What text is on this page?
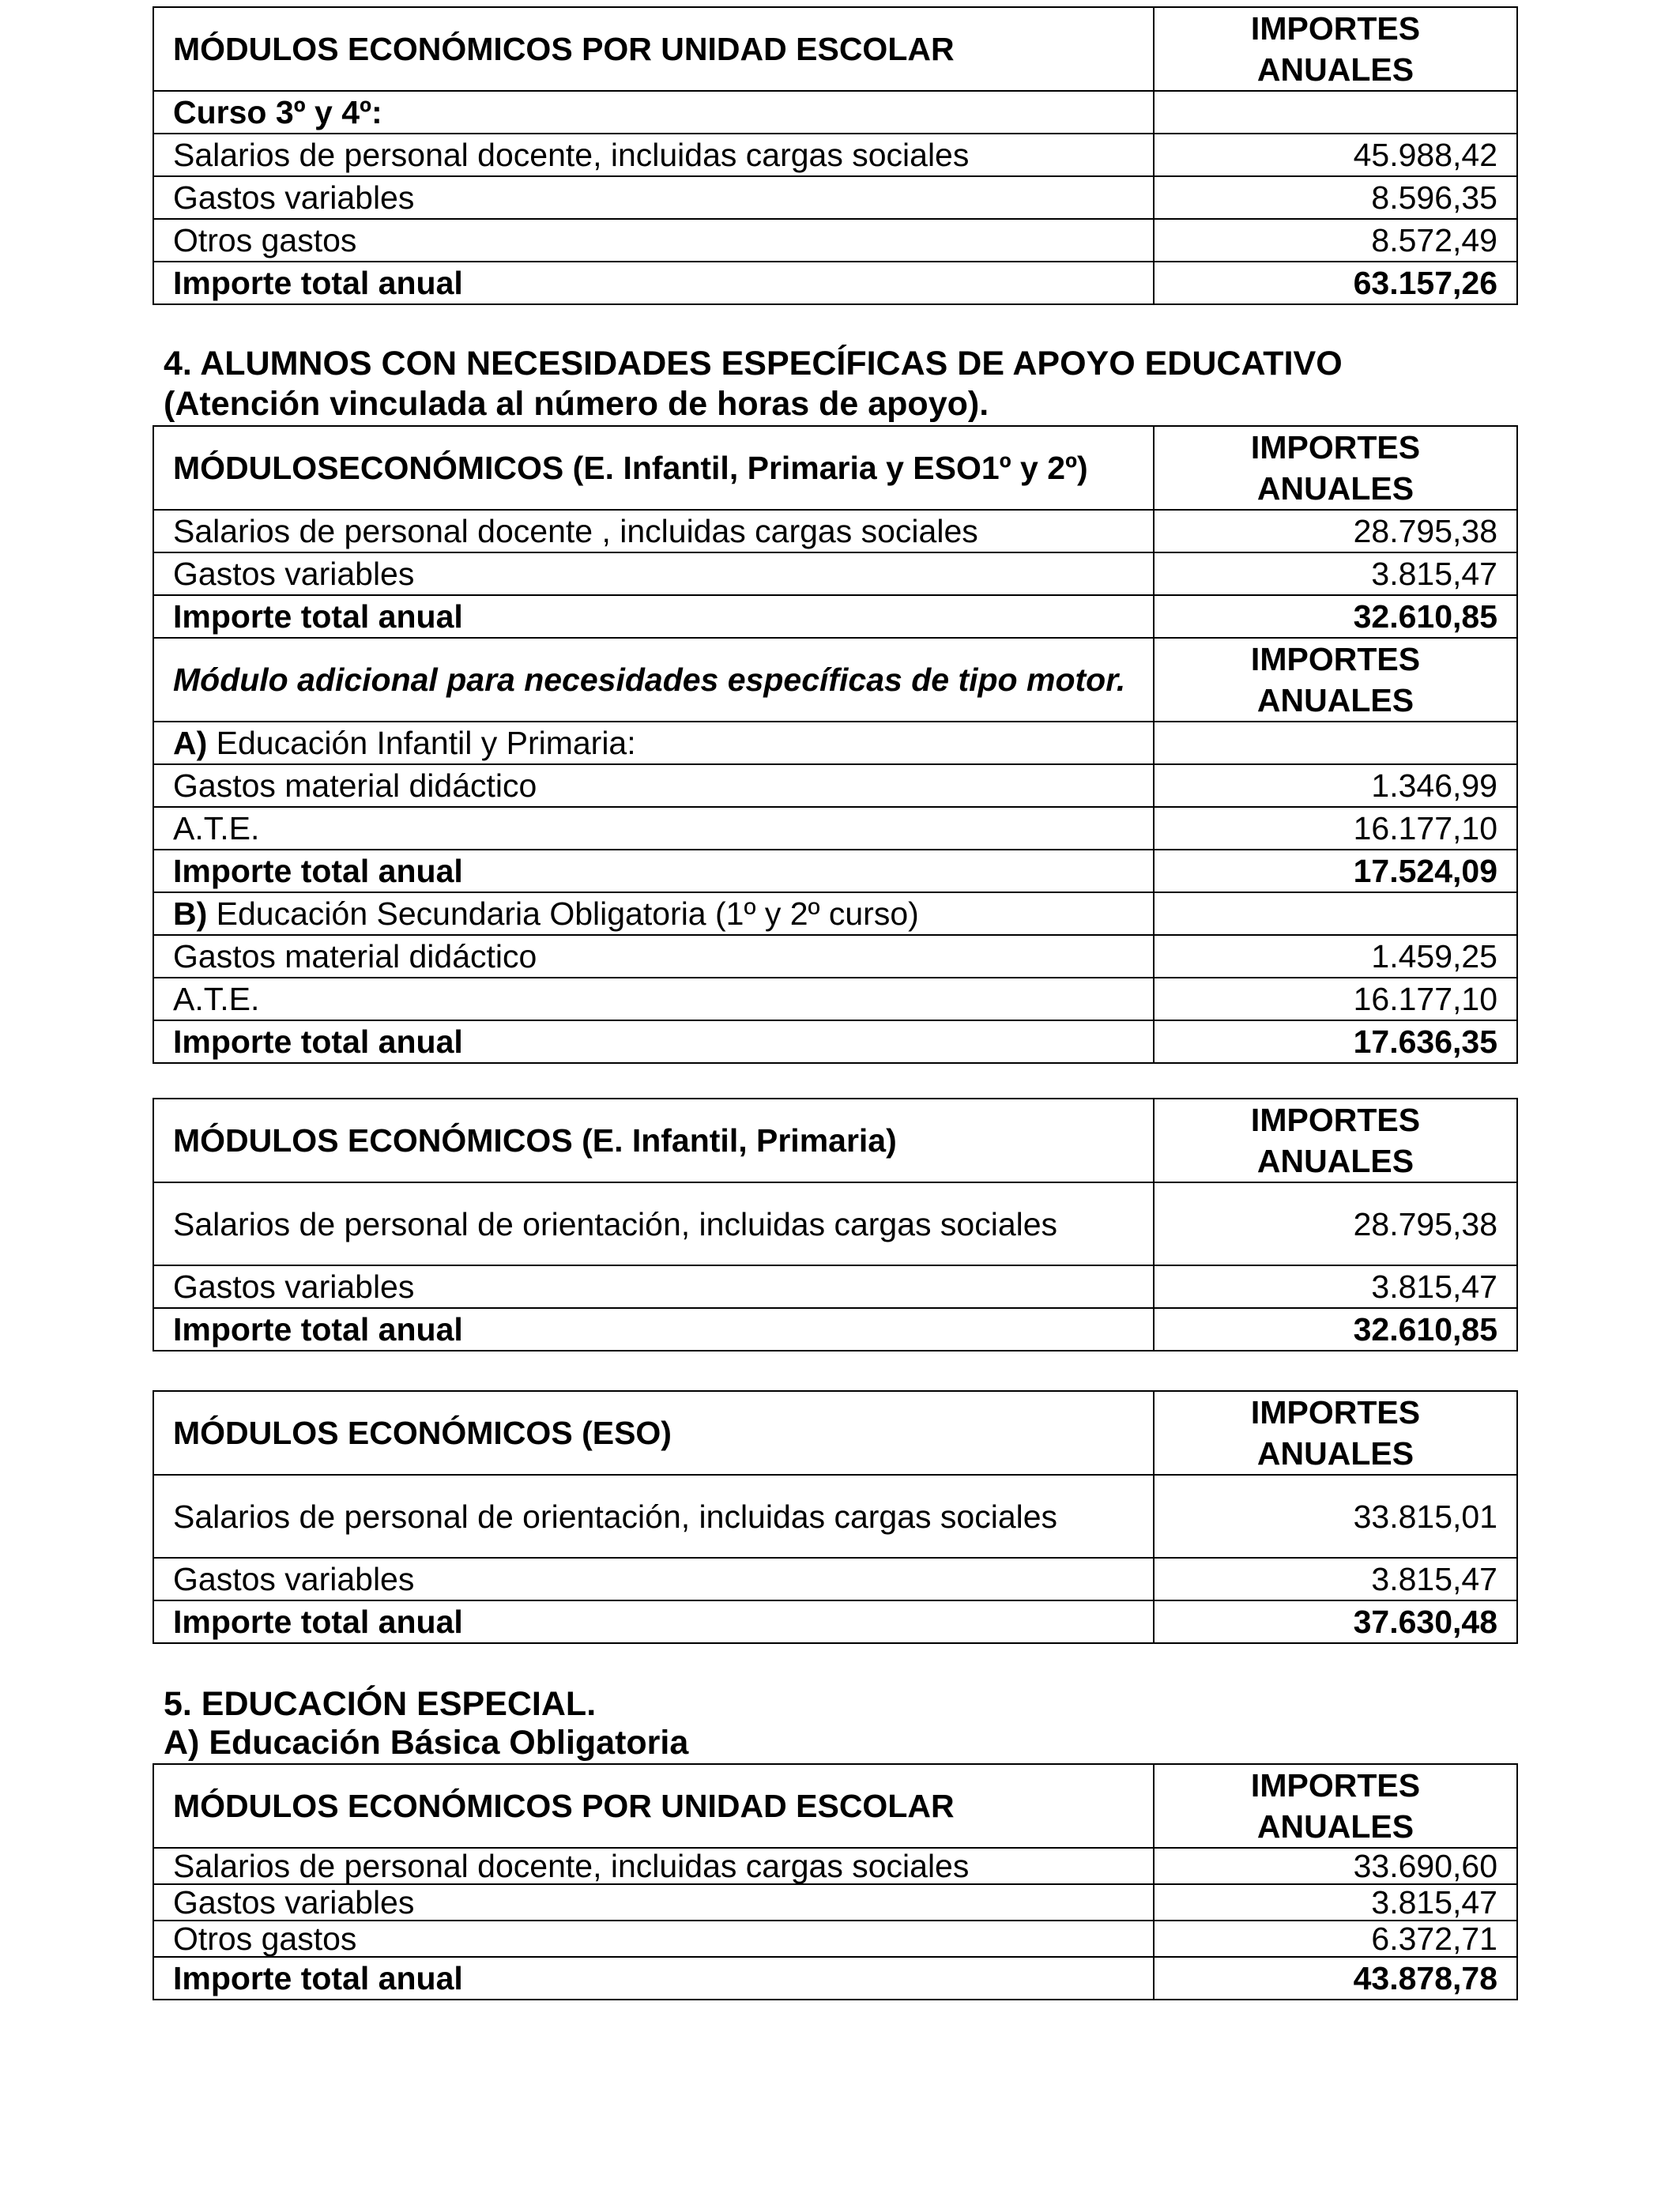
MÓDULOS ECONÓMICOS POR UNIDAD ESCOLAR	IMPORTES ANUALES
Curso 3º y 4º:	
Salarios de personal docente, incluidas cargas sociales	45.988,42
Gastos variables	8.596,35
Otros gastos	8.572,49
Importe total anual	63.157,26
4. ALUMNOS CON NECESIDADES ESPECÍFICAS DE APOYO EDUCATIVO
(Atención vinculada al número de horas de apoyo).
MÓDULOSECONÓMICOS (E. Infantil, Primaria y ESO1º y 2º)	IMPORTES ANUALES
Salarios de personal docente , incluidas cargas sociales	28.795,38
Gastos variables	3.815,47
Importe total anual	32.610,85
Módulo adicional para necesidades específicas de tipo motor.	IMPORTES ANUALES
A) Educación Infantil y Primaria:	
Gastos material didáctico	1.346,99
A.T.E.	16.177,10
Importe total anual	17.524,09
B) Educación Secundaria Obligatoria (1º y 2º curso)	
Gastos material didáctico	1.459,25
A.T.E.	16.177,10
Importe total anual	17.636,35
MÓDULOS ECONÓMICOS (E. Infantil, Primaria)	IMPORTES ANUALES
Salarios de personal de orientación, incluidas cargas sociales	28.795,38
Gastos variables	3.815,47
Importe total anual	32.610,85
MÓDULOS ECONÓMICOS (ESO)	IMPORTES ANUALES
Salarios de personal de orientación, incluidas cargas sociales	33.815,01
Gastos variables	3.815,47
Importe total anual	37.630,48
5. EDUCACIÓN ESPECIAL.
A) Educación Básica Obligatoria
MÓDULOS ECONÓMICOS POR UNIDAD ESCOLAR	IMPORTES ANUALES
Salarios de personal docente, incluidas cargas sociales	33.690,60
Gastos variables	3.815,47
Otros gastos	6.372,71
Importe total anual	43.878,78
